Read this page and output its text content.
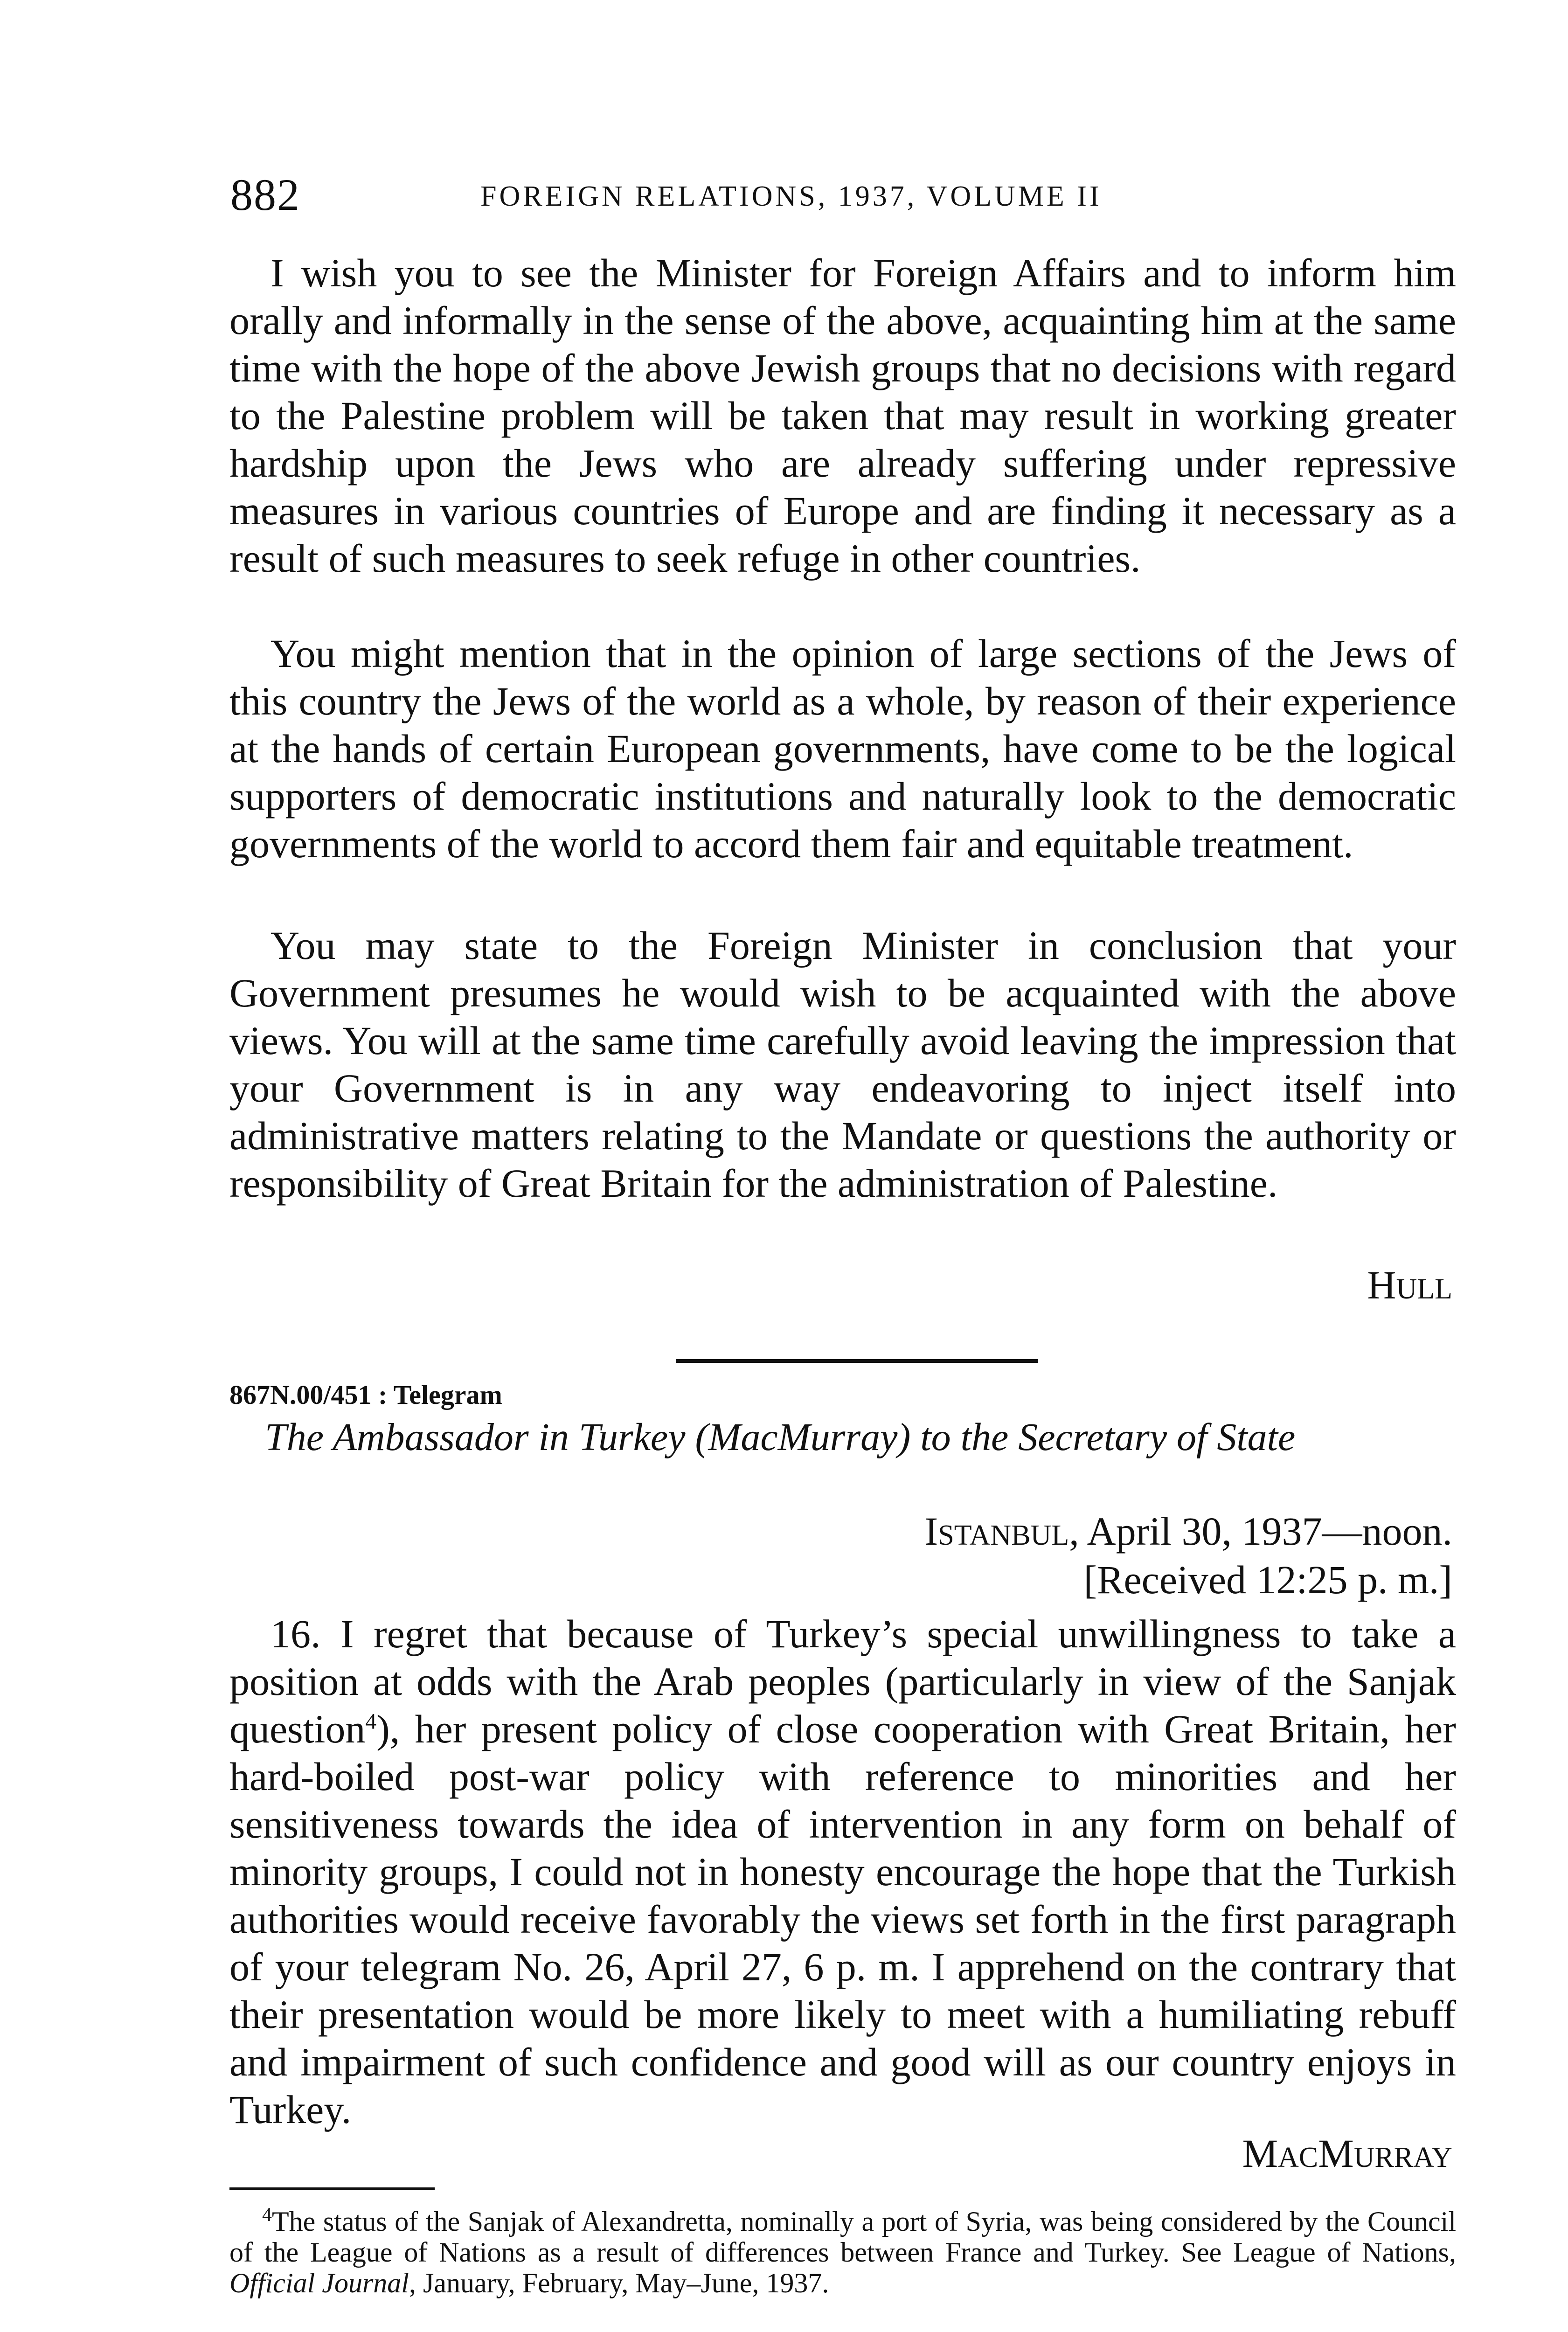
882	FOREIGN RELATIONS, 1937, VOLUME II

I wish you to see the Minister for Foreign Affairs and to inform him orally and informally in the sense of the above, acquainting him at the same time with the hope of the above Jewish groups that no decisions with regard to the Palestine problem will be taken that may result in working greater hardship upon the Jews who are already suffering under repressive measures in various countries of Europe and are finding it necessary as a result of such measures to seek refuge in other countries.

You might mention that in the opinion of large sections of the Jews of this country the Jews of the world as a whole, by reason of their experience at the hands of certain European governments, have come to be the logical supporters of democratic institutions and naturally look to the democratic governments of the world to accord them fair and equitable treatment.

You may state to the Foreign Minister in conclusion that your Government presumes he would wish to be acquainted with the above views. You will at the same time carefully avoid leaving the impression that your Government is in any way endeavoring to inject itself into administrative matters relating to the Mandate or questions the authority or responsibility of Great Britain for the administration of Palestine.

HULL

867N.00/451 : Telegram

The Ambassador in Turkey (MacMurray) to the Secretary of State

ISTANBUL, April 30, 1937—noon.

[Received 12:25 p. m.]

16. I regret that because of Turkey’s special unwillingness to take a position at odds with the Arab peoples (particularly in view of the Sanjak question$^4$), her present policy of close cooperation with Great Britain, her hard-boiled post-war policy with reference to minorities and her sensitiveness towards the idea of intervention in any form on behalf of minority groups, I could not in honesty encourage the hope that the Turkish authorities would receive favorably the views set forth in the first paragraph of your telegram No. 26, April 27, 6 p. m. I apprehend on the contrary that their presentation would be more likely to meet with a humiliating rebuff and impairment of such confidence and good will as our country enjoys in Turkey.

MACMURRAY

$^4$The status of the Sanjak of Alexandretta, nominally a port of Syria, was being considered by the Council of the League of Nations as a result of differences between France and Turkey. See League of Nations, Official Journal, January, February, May–June, 1937.
